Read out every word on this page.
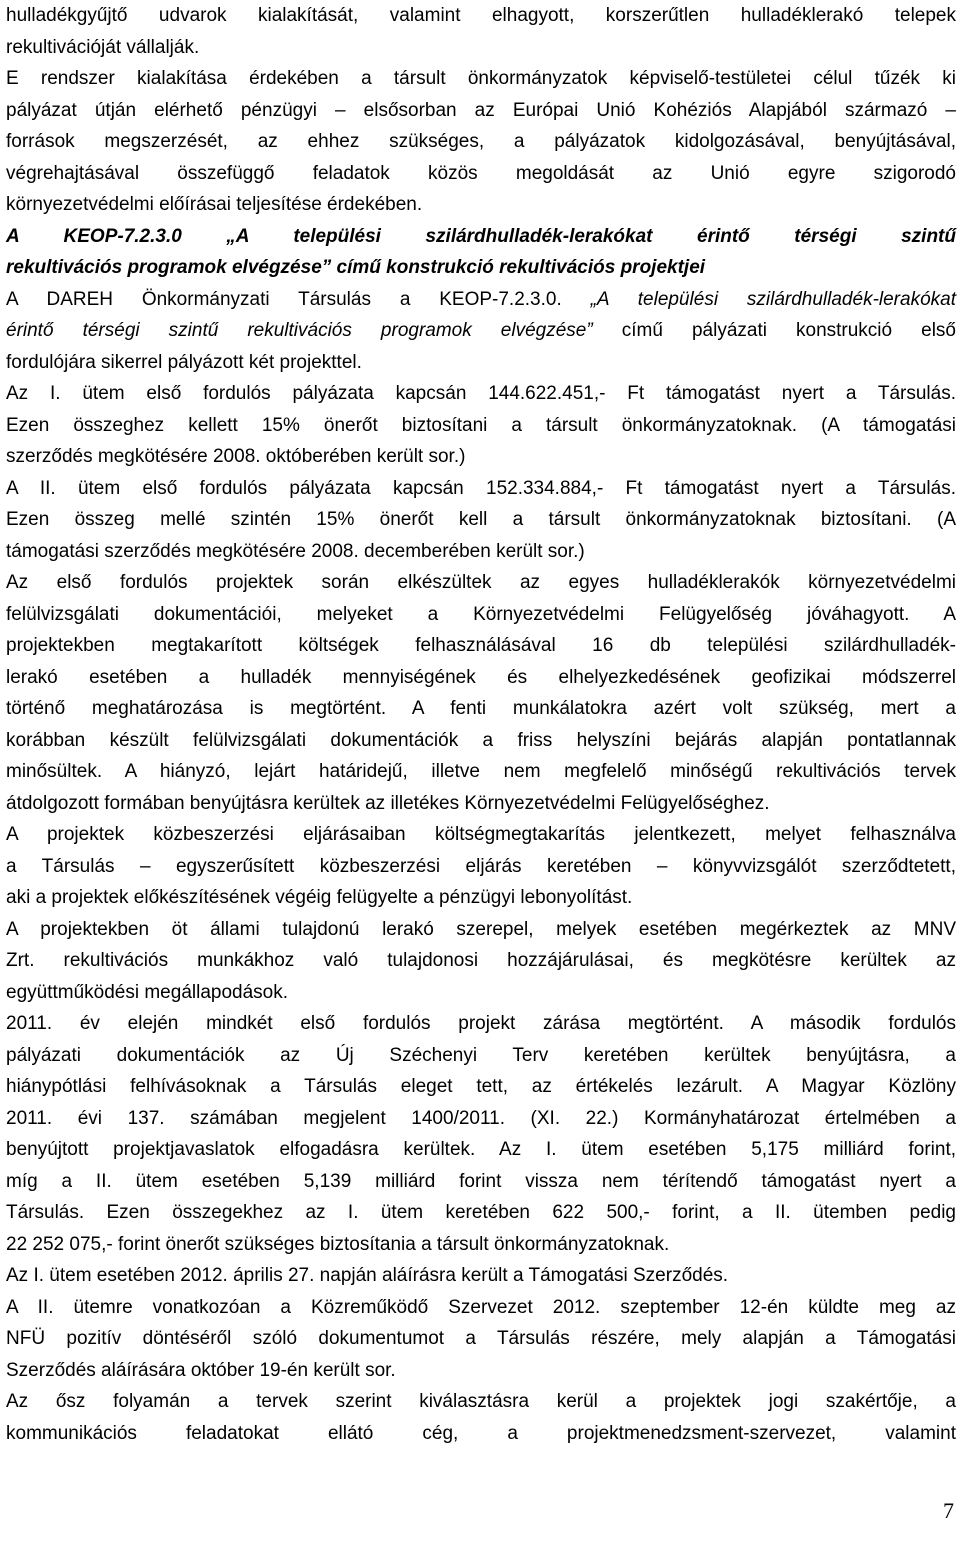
hulladékgyűjtő udvarok kialakítását, valamint elhagyott, korszerűtlen hulladéklerakó telepek
rekultivációját vállalják.

E rendszer kialakítása érdekében a társult önkormányzatok képviselő-testületei célul tűzék ki
pályázat útján elérhető pénzügyi – elsősorban az Európai Unió Kohéziós Alapjából származó –
források megszerzését, az ehhez szükséges, a pályázatok kidolgozásával, benyújtásával,
végrehajtásával összefüggő feladatok közös megoldását az Unió egyre szigorodó
környezetvédelmi előírásai teljesítése érdekében.

A KEOP-7.2.3.0 „A települési szilárdhulladék-lerakókat érintő térségi szintű
rekultivációs programok elvégzése” című konstrukció rekultivációs projektjei

A DAREH Önkormányzati Társulás a KEOP-7.2.3.0. „A települési szilárdhulladék-lerakókat
érintő térségi szintű rekultivációs programok elvégzése” című pályázati konstrukció első
fordulójára sikerrel pályázott két projekttel.

Az I. ütem első fordulós pályázata kapcsán 144.622.451,- Ft támogatást nyert a Társulás.
Ezen összeghez kellett 15% önerőt biztosítani a társult önkormányzatoknak. (A támogatási
szerződés megkötésére 2008. októberében került sor.)

A II. ütem első fordulós pályázata kapcsán 152.334.884,- Ft támogatást nyert a Társulás.
Ezen összeg mellé szintén 15% önerőt kell a társult önkormányzatoknak biztosítani. (A
támogatási szerződés megkötésére 2008. decemberében került sor.)

Az első fordulós projektek során elkészültek az egyes hulladéklerakók környezetvédelmi
felülvizsgálati dokumentációi, melyeket a Környezetvédelmi Felügyelőség jóváhagyott. A
projektekben megtakarított költségek felhasználásával 16 db települési szilárdhulladék-
lerakó esetében a hulladék mennyiségének és elhelyezkedésének geofizikai módszerrel
történő meghatározása is megtörtént. A fenti munkálatokra azért volt szükség, mert a
korábban készült felülvizsgálati dokumentációk a friss helyszíni bejárás alapján pontatlannak
minősültek. A hiányzó, lejárt határidejű, illetve nem megfelelő minőségű rekultivációs tervek
átdolgozott formában benyújtásra kerültek az illetékes Környezetvédelmi Felügyelőséghez.

A projektek közbeszerzési eljárásaiban költségmegtakarítás jelentkezett, melyet felhasználva
a Társulás – egyszerűsített közbeszerzési eljárás keretében – könyvvizsgálót szerződtetett,
aki a projektek előkészítésének végéig felügyelte a pénzügyi lebonyolítást.

A projektekben öt állami tulajdonú lerakó szerepel, melyek esetében megérkeztek az MNV
Zrt. rekultivációs munkákhoz való tulajdonosi hozzájárulásai, és megkötésre kerültek az
együttműködési megállapodások.

2011. év elején mindkét első fordulós projekt zárása megtörtént. A második fordulós
pályázati dokumentációk az Új Széchenyi Terv keretében kerültek benyújtásra, a
hiánypótlási felhívásoknak a Társulás eleget tett, az értékelés lezárult. A Magyar Közlöny
2011. évi 137. számában megjelent 1400/2011. (XI. 22.) Kormányhatározat értelmében a
benyújtott projektjavaslatok elfogadásra kerültek. Az I. ütem esetében 5,175 milliárd forint,
míg a II. ütem esetében 5,139 milliárd forint vissza nem térítendő támogatást nyert a
Társulás. Ezen összegekhez az I. ütem keretében 622 500,- forint, a II. ütemben pedig
22 252 075,- forint önerőt szükséges biztosítania a társult önkormányzatoknak.

Az I. ütem esetében 2012. április 27. napján aláírásra került a Támogatási Szerződés.

A II. ütemre vonatkozóan a Közreműködő Szervezet 2012. szeptember 12-én küldte meg az
NFÜ pozitív döntéséről szóló dokumentumot a Társulás részére, mely alapján a Támogatási
Szerződés aláírására október 19-én került sor.

Az ősz folyamán a tervek szerint kiválasztásra kerül a projektek jogi szakértője, a
kommunikációs feladatokat ellátó cég, a projektmenedzsment-szervezet, valamint

7
